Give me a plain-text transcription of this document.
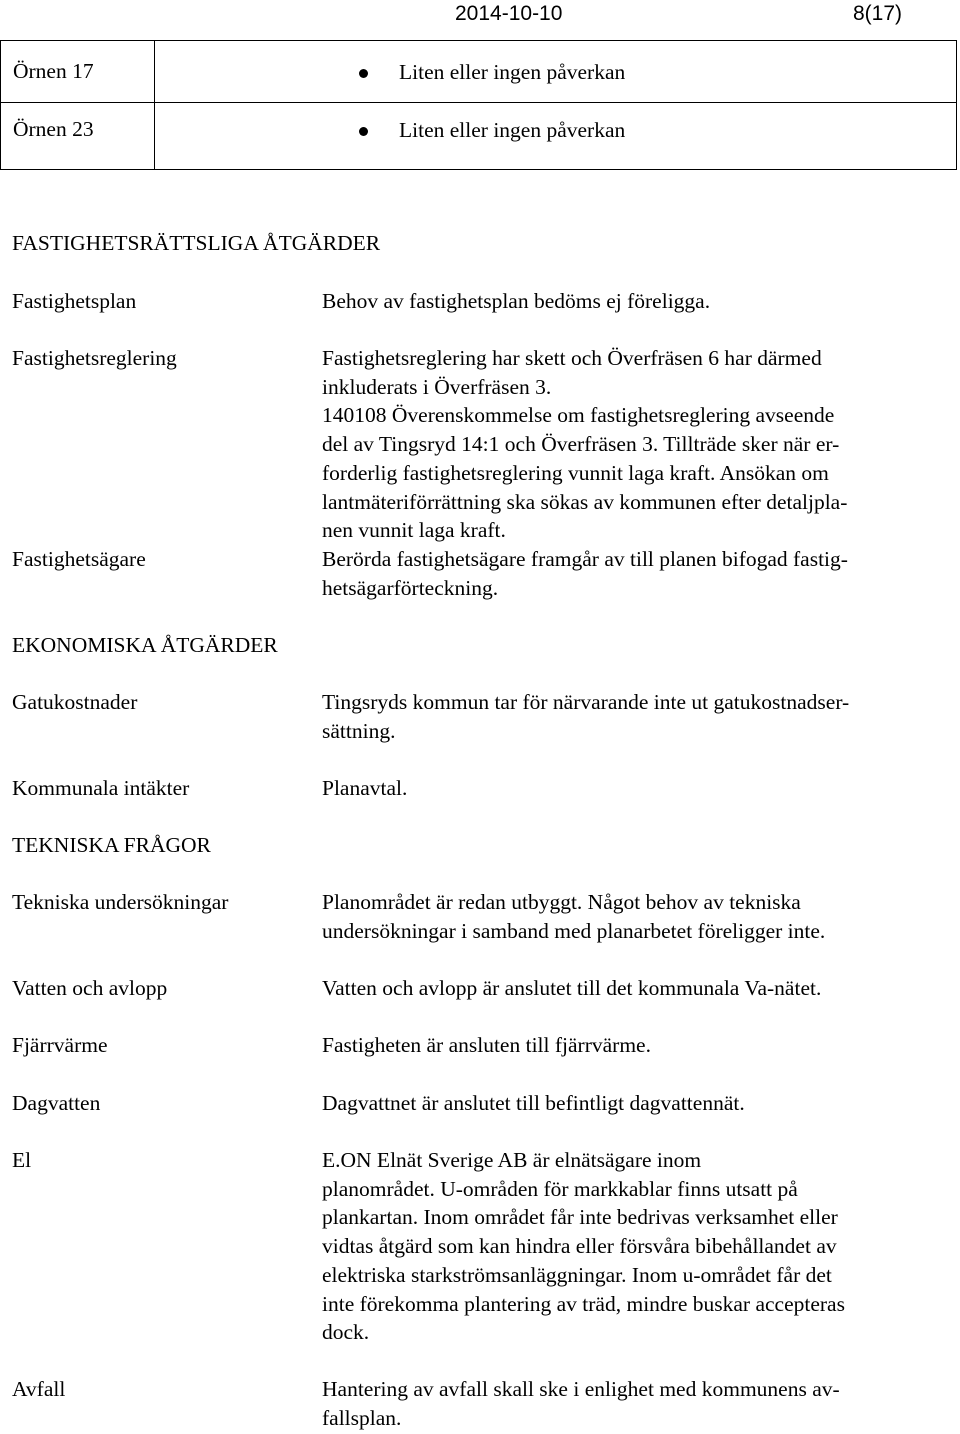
2014-10-10	8(17)
Örnen 17	Liten eller ingen påverkan
Örnen 23	Liten eller ingen påverkan
FASTIGHETSRÄTTSLIGA ÅTGÄRDER
Fastighetsplan	Behov av fastighetsplan bedöms ej föreligga.
Fastighetsreglering	Fastighetsreglering har skett och Överfräsen 6 har därmed
inkluderats i Överfräsen 3.
140108 Överenskommelse om fastighetsreglering avseende
del av Tingsryd 14:1 och Överfräsen 3. Tillträde sker när er-
forderlig fastighetsreglering vunnit laga kraft. Ansökan om
lantmäteriförrättning ska sökas av kommunen efter detaljpla-
nen vunnit laga kraft.
Fastighetsägare	Berörda fastighetsägare framgår av till planen bifogad fastig-
hetsägarförteckning.
EKONOMISKA ÅTGÄRDER
Gatukostnader	Tingsryds kommun tar för närvarande inte ut gatukostnadser-
sättning.
Kommunala intäkter	Planavtal.
TEKNISKA FRÅGOR
Tekniska undersökningar	Planområdet är redan utbyggt. Något behov av tekniska
undersökningar i samband med planarbetet föreligger inte.
Vatten och avlopp	Vatten och avlopp är anslutet till det kommunala Va-nätet.
Fjärrvärme	Fastigheten är ansluten till fjärrvärme.
Dagvatten	Dagvattnet är anslutet till befintligt dagvattennät.
El	E.ON Elnät Sverige AB är elnätsägare inom
planområdet. U-områden för markkablar finns utsatt på
plankartan. Inom området får inte bedrivas verksamhet eller
vidtas åtgärd som kan hindra eller försvåra bibehållandet av
elektriska starkströmsanläggningar. Inom u-området får det
inte förekomma plantering av träd, mindre buskar accepteras
dock.
Avfall	Hantering av avfall skall ske i enlighet med kommunens av-
fallsplan.
